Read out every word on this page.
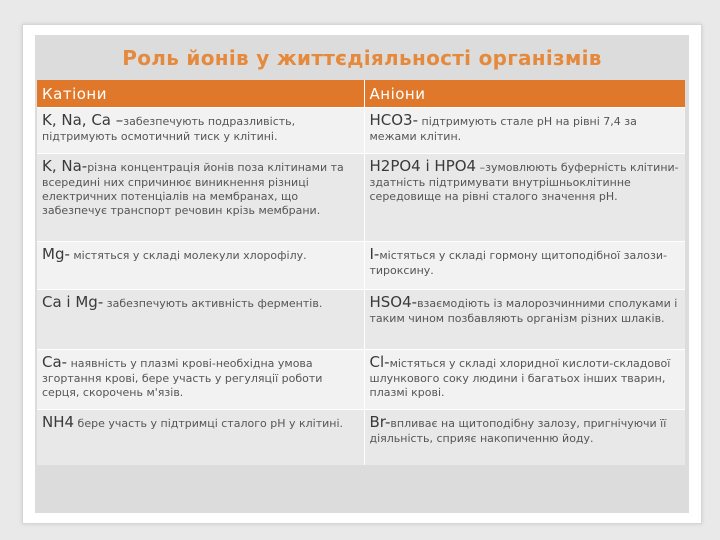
Роль йонів у життєдіяльності організмів
Катіони	Аніони
K, Na, Ca –забезпечують подразливість, підтримують осмотичний тиск у клітині.	HCO3- підтримують стале рН на рівні 7,4 за межами клітин.
K, Na-різна концентрація йонів поза клітинами та всередині них спричинює виникнення різниці електричних потенціалів на мембранах, що забезпечує транспорт речовин крізь мембрани.	H2PO4 і HPO4 –зумовлюють буферність клітини-здатність підтримувати внутрішньоклітинне середовище на рівні сталого значення рН.
Mg- містяться у складі молекули хлорофілу.	I-містяться у складі гормону щитоподібної залози-тироксину.
Ca і Mg- забезпечують активність ферментів.	HSO4-взаємодіють із малорозчинними сполуками і таким чином позбавляють організм різних шлаків.
Ca- наявність у плазмі крові-необхідна умова згортання крові, бере участь у регуляції роботи серця, скорочень м'язів.	Cl-містяться у складі хлоридної кислоти-складової шлункового соку людини і багатьох інших тварин, плазмі крові.
NH4 бере участь у підтримці сталого рН у клітині.	Br-впливає на щитоподібну залозу, пригнічуючи її діяльність, сприяє накопиченню йоду.
